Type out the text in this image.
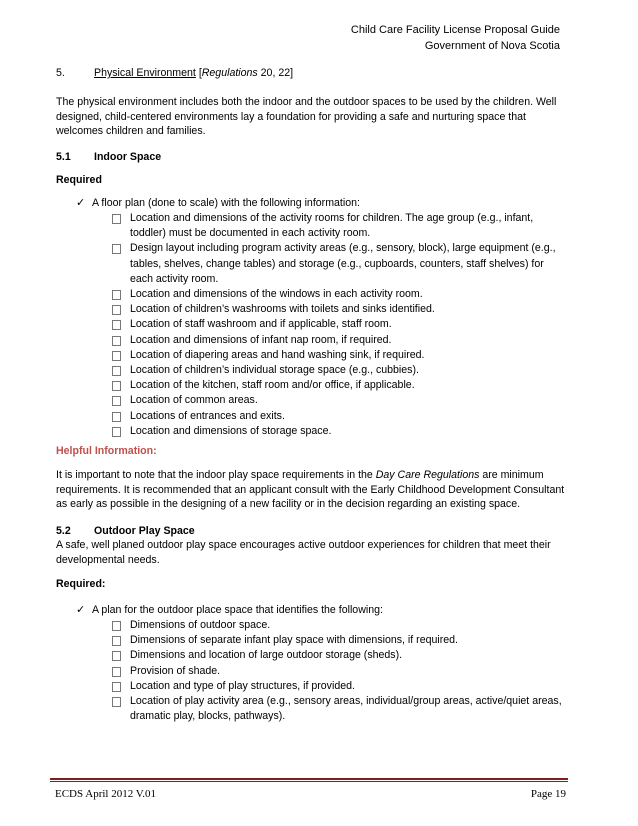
Child Care Facility License Proposal Guide
Government of Nova Scotia
5.	Physical Environment [Regulations 20, 22]

The physical environment includes both the indoor and the outdoor spaces to be used by the children. Well designed, child-centered environments lay a foundation for providing a safe and nurturing space that welcomes children and families.

5.1 Indoor Space
Required
✓ A floor plan (done to scale) with the following information:
Location and dimensions of the activity rooms for children. The age group (e.g., infant, toddler) must be documented in each activity room.
Design layout including program activity areas (e.g., sensory, block), large equipment (e.g., tables, shelves, change tables) and storage (e.g., cupboards, counters, staff shelves) for each activity room.
Location and dimensions of the windows in each activity room.
Location of children’s washrooms with toilets and sinks identified.
Location of staff washroom and if applicable, staff room.
Location and dimensions of infant nap room, if required.
Location of diapering areas and hand washing sink, if required.
Location of children’s individual storage space (e.g., cubbies).
Location of the kitchen, staff room and/or office, if applicable.
Location of common areas.
Locations of entrances and exits.
Location and dimensions of storage space.
Helpful Information:

It is important to note that the indoor play space requirements in the Day Care Regulations are minimum requirements. It is recommended that an applicant consult with the Early Childhood Development Consultant as early as possible in the designing of a new facility or in the decision regarding an existing space.

5.2 Outdoor Play Space

A safe, well planed outdoor play space encourages active outdoor experiences for children that meet their developmental needs.

Required:
✓ A plan for the outdoor place space that identifies the following:
Dimensions of outdoor space.
Dimensions of separate infant play space with dimensions, if required.
Dimensions and location of large outdoor storage (sheds).
Provision of shade.
Location and type of play structures, if provided.
Location of play activity area (e.g., sensory areas, individual/group areas, active/quiet areas, dramatic play, blocks, pathways).
ECDS April 2012 V.01	Page 19
